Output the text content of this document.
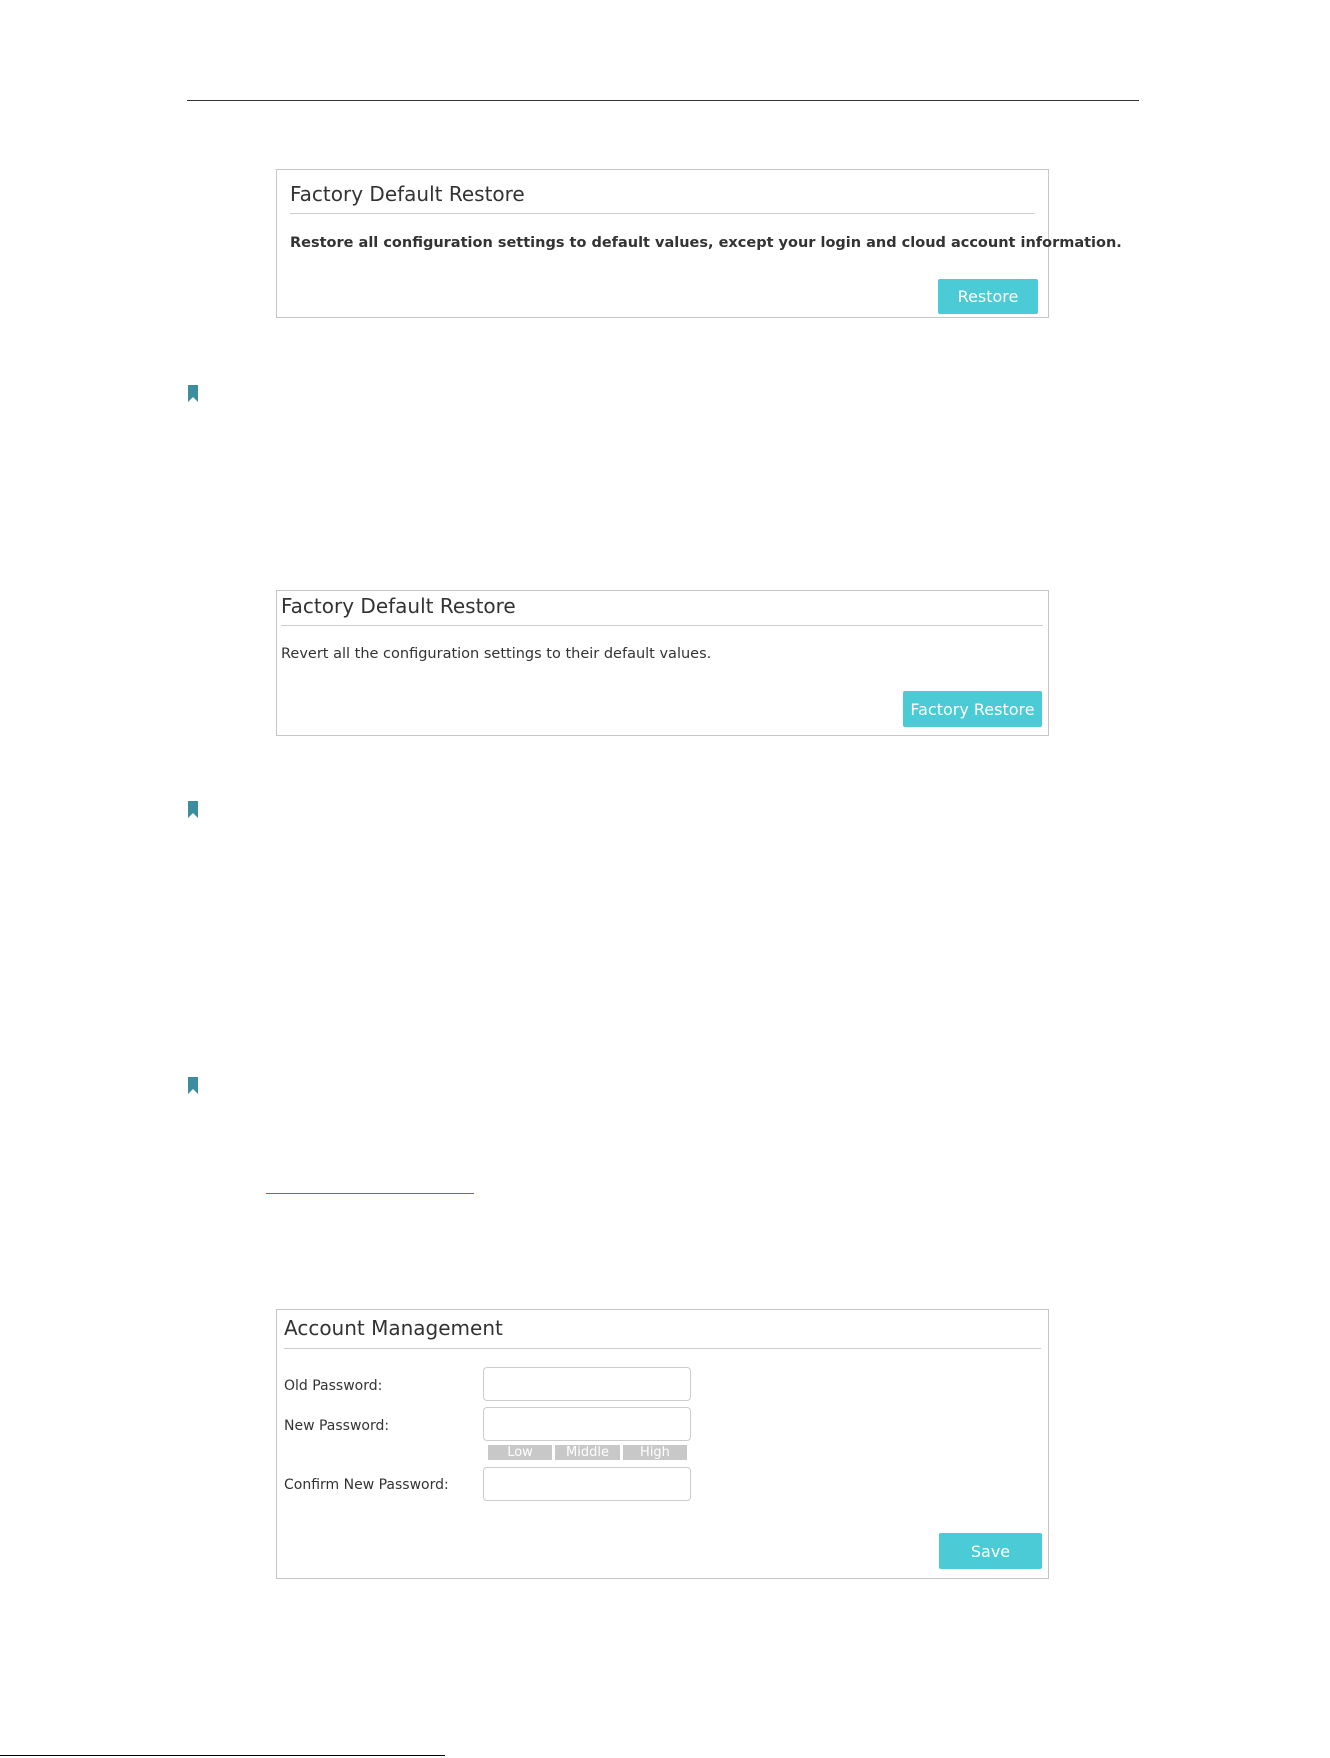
Factory Default Restore
Restore all configuration settings to default values, except your login and cloud account information.
Restore
Factory Default Restore
Revert all the configuration settings to their default values.
Factory Restore
Account Management
Old Password:
New Password:
Low	Middle	High
Confirm New Password:
Save
